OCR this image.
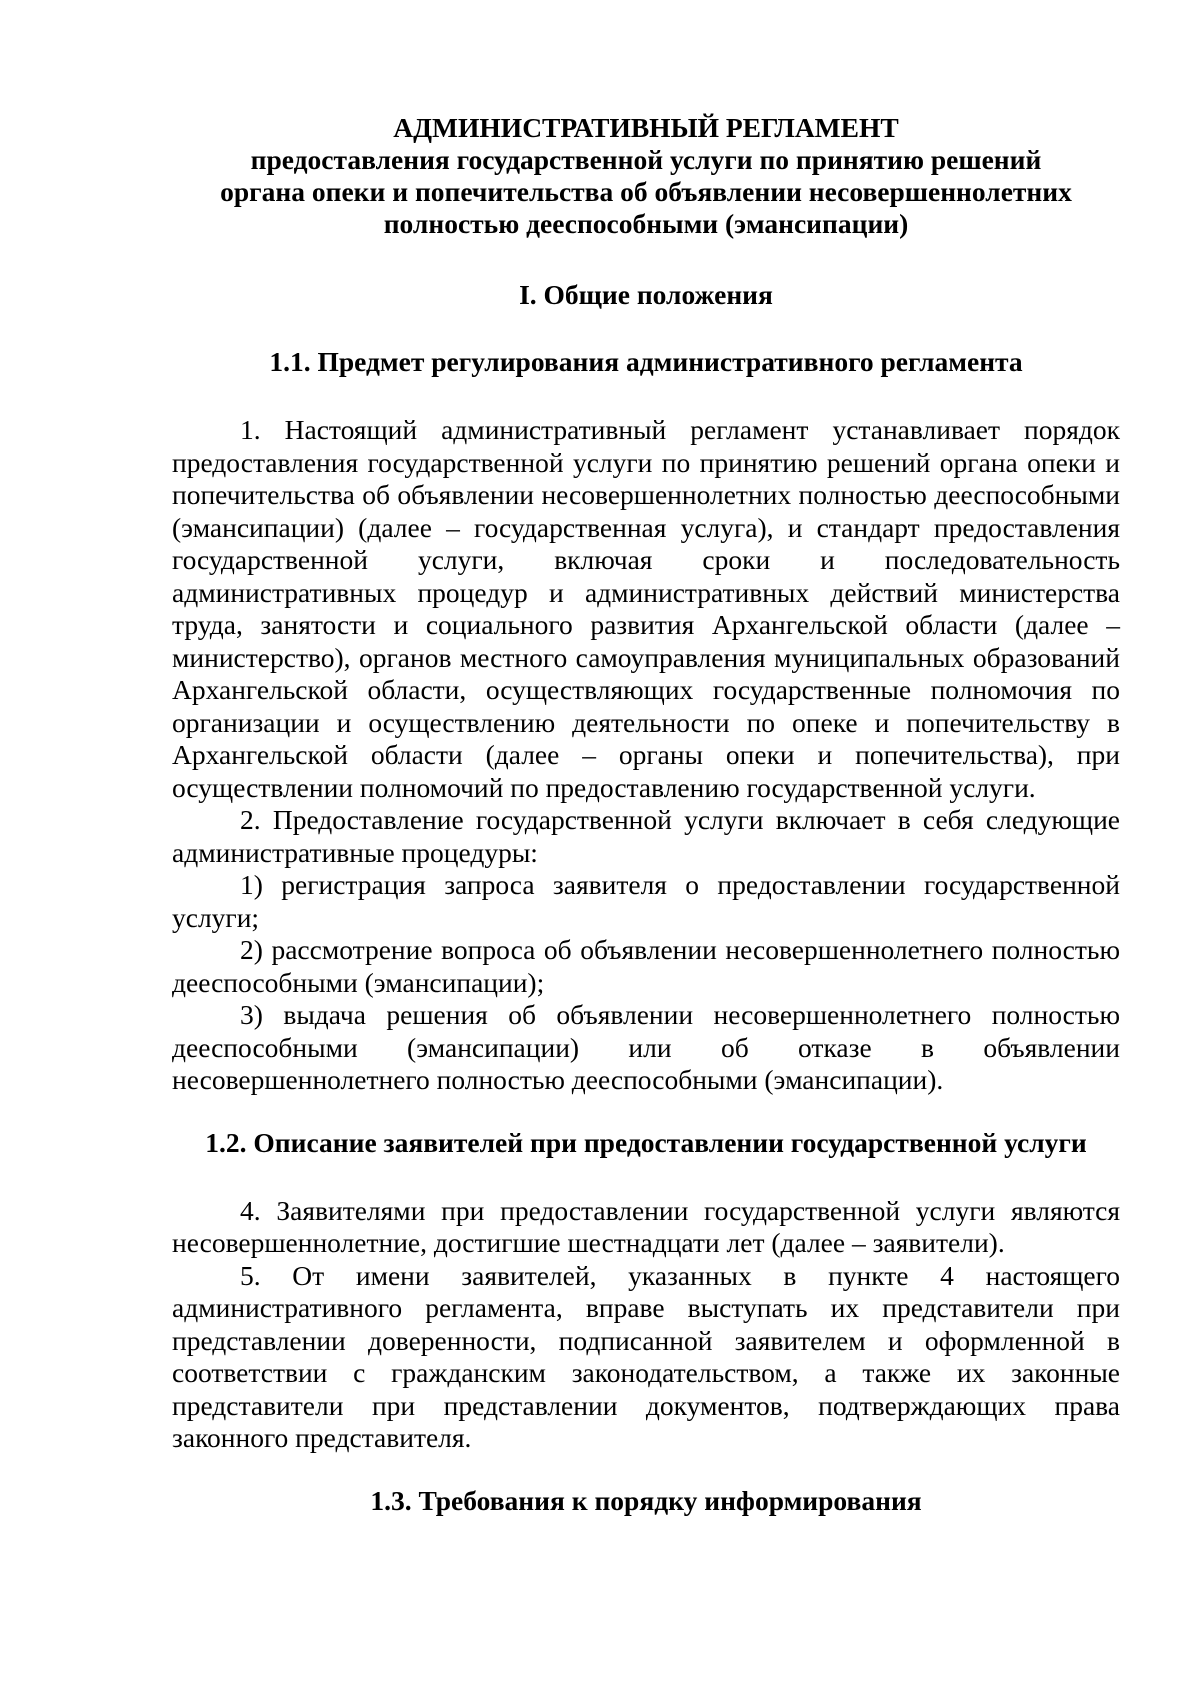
АДМИНИСТРАТИВНЫЙ РЕГЛАМЕНТ

предоставления государственной услуги по принятию решений

органа опеки и попечительства об объявлении несовершеннолетних

полностью дееспособными (эмансипации)

I. Общие положения

1.1. Предмет регулирования административного регламента

1. Настоящий административный регламент устанавливает порядок предоставления государственной услуги по принятию решений органа опеки и попечительства об объявлении несовершеннолетних полностью дееспособными (эмансипации) (далее – государственная услуга), и стандарт предоставления государственной услуги, включая сроки и последовательность административных процедур и административных действий министерства труда, занятости и социального развития Архангельской области (далее – министерство), органов местного самоуправления муниципальных образований Архангельской области, осуществляющих государственные полномочия по организации и осуществлению деятельности по опеке и попечительству в Архангельской области (далее – органы опеки и попечительства), при осуществлении полномочий по предоставлению государственной услуги.

2. Предоставление государственной услуги включает в себя следующие административные процедуры:

1) регистрация запроса заявителя о предоставлении государственной услуги;

2) рассмотрение вопроса об объявлении несовершеннолетнего полностью дееспособными (эмансипации);

3) выдача решения об объявлении несовершеннолетнего полностью дееспособными (эмансипации) или об отказе в объявлении несовершеннолетнего полностью дееспособными (эмансипации).

1.2. Описание заявителей при предоставлении государственной услуги

4. Заявителями при предоставлении государственной услуги являются несовершеннолетние, достигшие шестнадцати лет (далее – заявители).

5. От имени заявителей, указанных в пункте 4 настоящего административного регламента, вправе выступать их представители при представлении доверенности, подписанной заявителем и оформленной в соответствии с гражданским законодательством, а также их законные представители при представлении документов, подтверждающих права законного представителя.

1.3. Требования к порядку информирования
